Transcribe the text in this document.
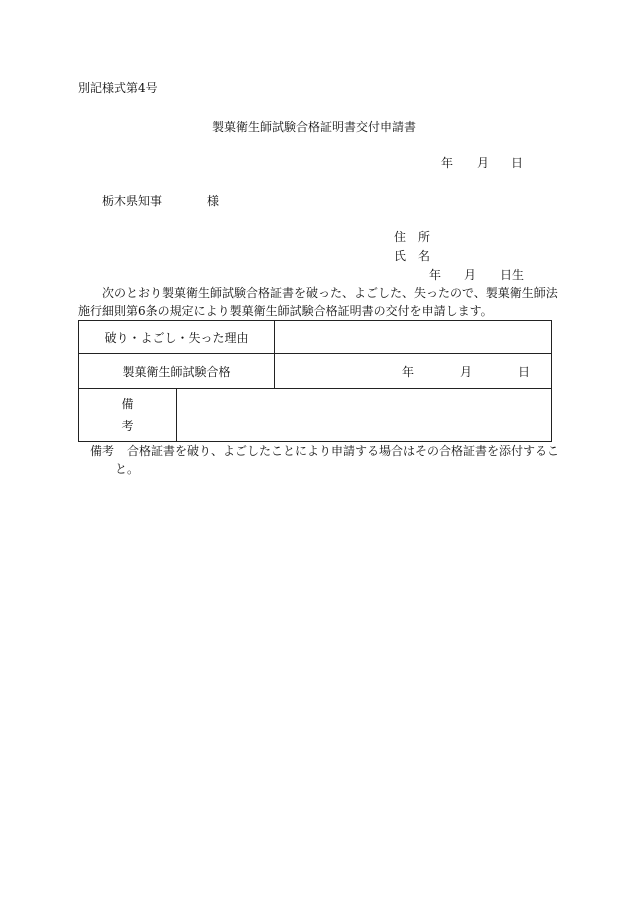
別記様式第4号
製菓衛生師試験合格証明書交付申請書
年 月 日
栃木県知事	様
住　所
氏　名
年 月 日生
次のとおり製菓衛生師試験合格証書を破った、よごした、失ったので、製菓衛生師法
施行細則第6条の規定により製菓衛生師試験合格証明書の交付を申請します。
破り・よごし・失った理由		
製菓衛生師試験合格		年 月 日

備
考		

備考 合格証書を破り、よごしたことにより申請する場合はその合格証書を添付するこ
と。
